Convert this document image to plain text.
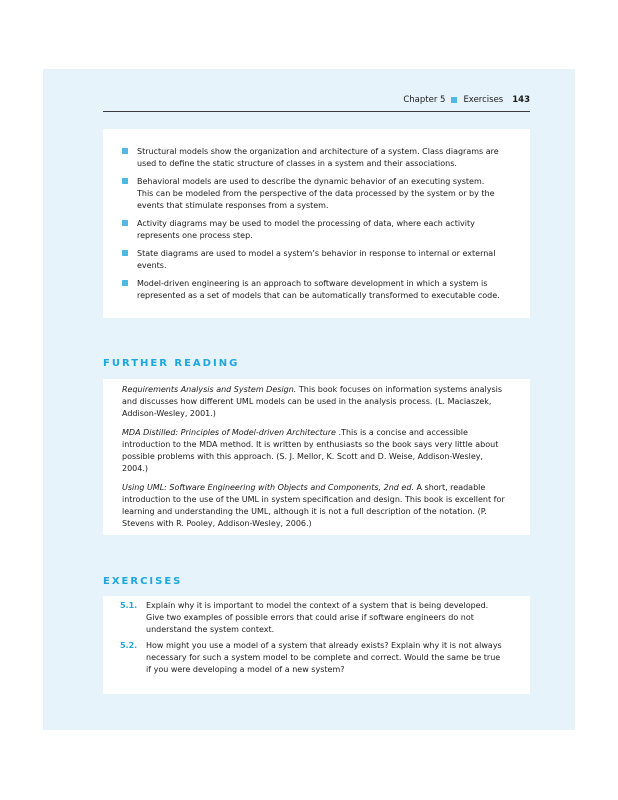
Chapter 5 Exercises 143
Structural models show the organization and architecture of a system. Class diagrams are used to define the static structure of classes in a system and their associations.
Behavioral models are used to describe the dynamic behavior of an executing system. This can be modeled from the perspective of the data processed by the system or by the events that stimulate responses from a system.
Activity diagrams may be used to model the processing of data, where each activity represents one process step.
State diagrams are used to model a system’s behavior in response to internal or external events.
Model-driven engineering is an approach to software development in which a system is represented as a set of models that can be automatically transformed to executable code.
FURTHER READING
Requirements Analysis and System Design. This book focuses on information systems analysis and discusses how different UML models can be used in the analysis process. (L. Maciaszek, Addison-Wesley, 2001.)
MDA Distilled: Principles of Model-driven Architecture .This is a concise and accessible introduction to the MDA method. It is written by enthusiasts so the book says very little about possible problems with this approach. (S. J. Mellor, K. Scott and D. Weise, Addison-Wesley, 2004.)
Using UML: Software Engineering with Objects and Components, 2nd ed. A short, readable introduction to the use of the UML in system specification and design. This book is excellent for learning and understanding the UML, although it is not a full description of the notation. (P. Stevens with R. Pooley, Addison-Wesley, 2006.)
EXERCISES
5.1. Explain why it is important to model the context of a system that is being developed. Give two examples of possible errors that could arise if software engineers do not understand the system context.
5.2. How might you use a model of a system that already exists? Explain why it is not always necessary for such a system model to be complete and correct. Would the same be true if you were developing a model of a new system?
